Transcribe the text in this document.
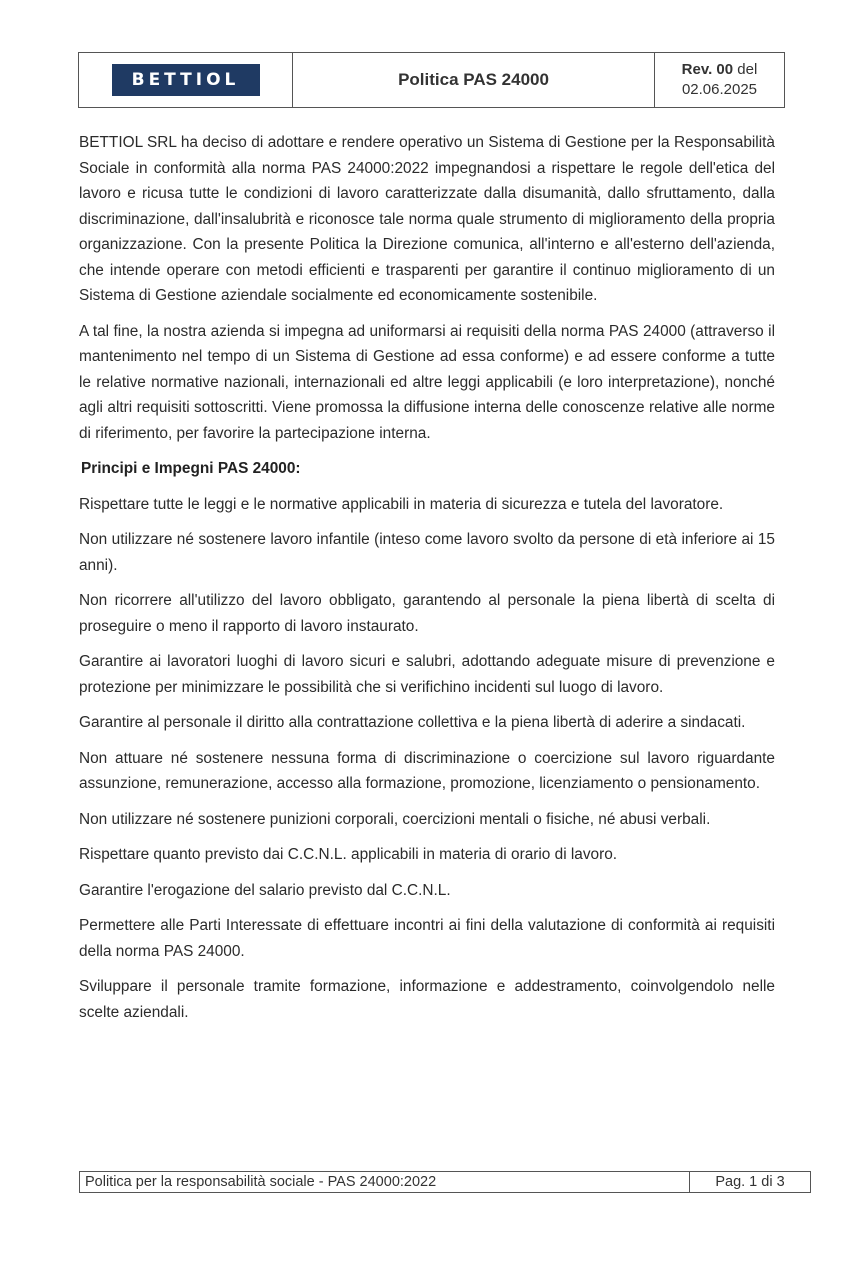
BETTIOL	Politica PAS 24000
Rev. 00 del
02.06.2025

BETTIOL SRL ha deciso di adottare e rendere operativo un Sistema di Gestione per la Responsabilità Sociale in conformità alla norma PAS 24000:2022 impegnandosi a rispettare le regole dell'etica del lavoro e ricusa tutte le condizioni di lavoro caratterizzate dalla disumanità, dallo sfruttamento, dalla discriminazione, dall'insalubrità e riconosce tale norma quale strumento di miglioramento della propria organizzazione. Con la presente Politica la Direzione comunica, all'interno e all'esterno dell'azienda, che intende operare con metodi efficienti e trasparenti per garantire il continuo miglioramento di un Sistema di Gestione aziendale socialmente ed economicamente sostenibile.

A tal fine, la nostra azienda si impegna ad uniformarsi ai requisiti della norma PAS 24000 (attraverso il mantenimento nel tempo di un Sistema di Gestione ad essa conforme) e ad essere conforme a tutte le relative normative nazionali, internazionali ed altre leggi applicabili (e loro interpretazione), nonché agli altri requisiti sottoscritti. Viene promossa la diffusione interna delle conoscenze relative alle norme di riferimento, per favorire la partecipazione interna.

Principi e Impegni PAS 24000:

Rispettare tutte le leggi e le normative applicabili in materia di sicurezza e tutela del lavoratore.

Non utilizzare né sostenere lavoro infantile (inteso come lavoro svolto da persone di età inferiore ai 15 anni).

Non ricorrere all'utilizzo del lavoro obbligato, garantendo al personale la piena libertà di scelta di proseguire o meno il rapporto di lavoro instaurato.

Garantire ai lavoratori luoghi di lavoro sicuri e salubri, adottando adeguate misure di prevenzione e protezione per minimizzare le possibilità che si verifichino incidenti sul luogo di lavoro.

Garantire al personale il diritto alla contrattazione collettiva e la piena libertà di aderire a sindacati.

Non attuare né sostenere nessuna forma di discriminazione o coercizione sul lavoro riguardante assunzione, remunerazione, accesso alla formazione, promozione, licenziamento o pensionamento.

Non utilizzare né sostenere punizioni corporali, coercizioni mentali o fisiche, né abusi verbali.

Rispettare quanto previsto dai C.C.N.L. applicabili in materia di orario di lavoro.

Garantire l'erogazione del salario previsto dal C.C.N.L.

Permettere alle Parti Interessate di effettuare incontri ai fini della valutazione di conformità ai requisiti della norma PAS 24000.

Sviluppare il personale tramite formazione, informazione e addestramento, coinvolgendolo nelle scelte aziendali.

Politica per la responsabilità sociale - PAS 24000:2022	Pag. 1 di 3
